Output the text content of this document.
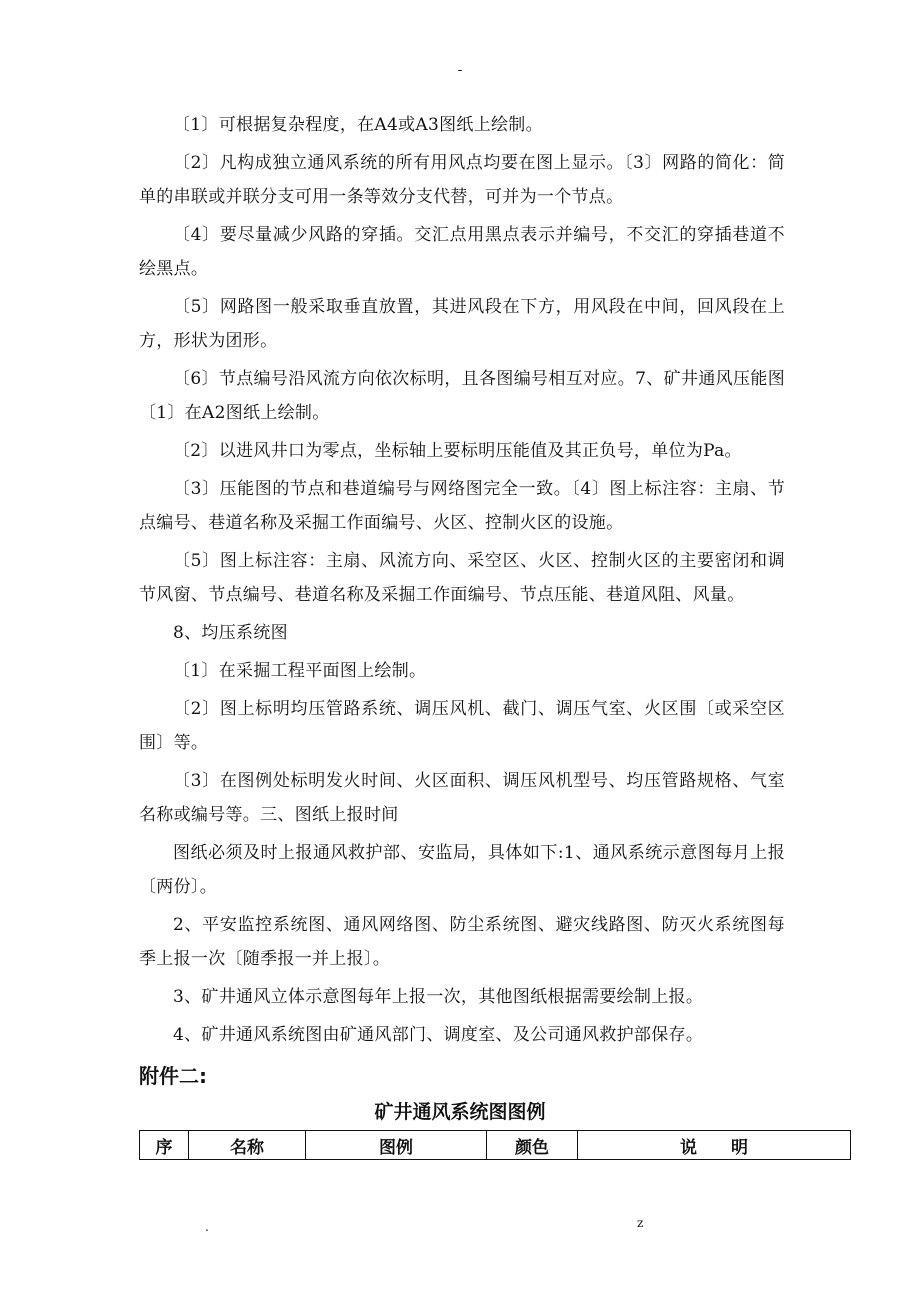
-

〔1〕可根据复杂程度，在A4或A3图纸上绘制。

〔2〕凡构成独立通风系统的所有用风点均要在图上显示。〔3〕网路的简化：简单的串联或并联分支可用一条等效分支代替，可并为一个节点。

〔4〕要尽量减少风路的穿插。交汇点用黑点表示并编号，不交汇的穿插巷道不绘黑点。

〔5〕网路图一般采取垂直放置，其进风段在下方，用风段在中间，回风段在上方，形状为团形。

〔6〕节点编号沿风流方向依次标明，且各图编号相互对应。7、矿井通风压能图〔1〕在A2图纸上绘制。

〔2〕以进风井口为零点，坐标轴上要标明压能值及其正负号，单位为Pa。

〔3〕压能图的节点和巷道编号与网络图完全一致。〔4〕图上标注容：主扇、节点编号、巷道名称及采掘工作面编号、火区、控制火区的设施。

〔5〕图上标注容：主扇、风流方向、采空区、火区、控制火区的主要密闭和调节风窗、节点编号、巷道名称及采掘工作面编号、节点压能、巷道风阻、风量。

8、均压系统图

〔1〕在采掘工程平面图上绘制。

〔2〕图上标明均压管路系统、调压风机、截门、调压气室、火区围〔或采空区围〕等。

〔3〕在图例处标明发火时间、火区面积、调压风机型号、均压管路规格、气室名称或编号等。三、图纸上报时间

图纸必须及时上报通风救护部、安监局，具体如下:1、通风系统示意图每月上报〔两份〕。

2、平安监控系统图、通风网络图、防尘系统图、避灾线路图、防灭火系统图每季上报一次〔随季报一并上报〕。

3、矿井通风立体示意图每年上报一次，其他图纸根据需要绘制上报。

4、矿井通风系统图由矿通风部门、调度室、及公司通风救护部保存。

附件二:
矿井通风系统图图例
序	名称	图例	颜色	说　　明
.	z
